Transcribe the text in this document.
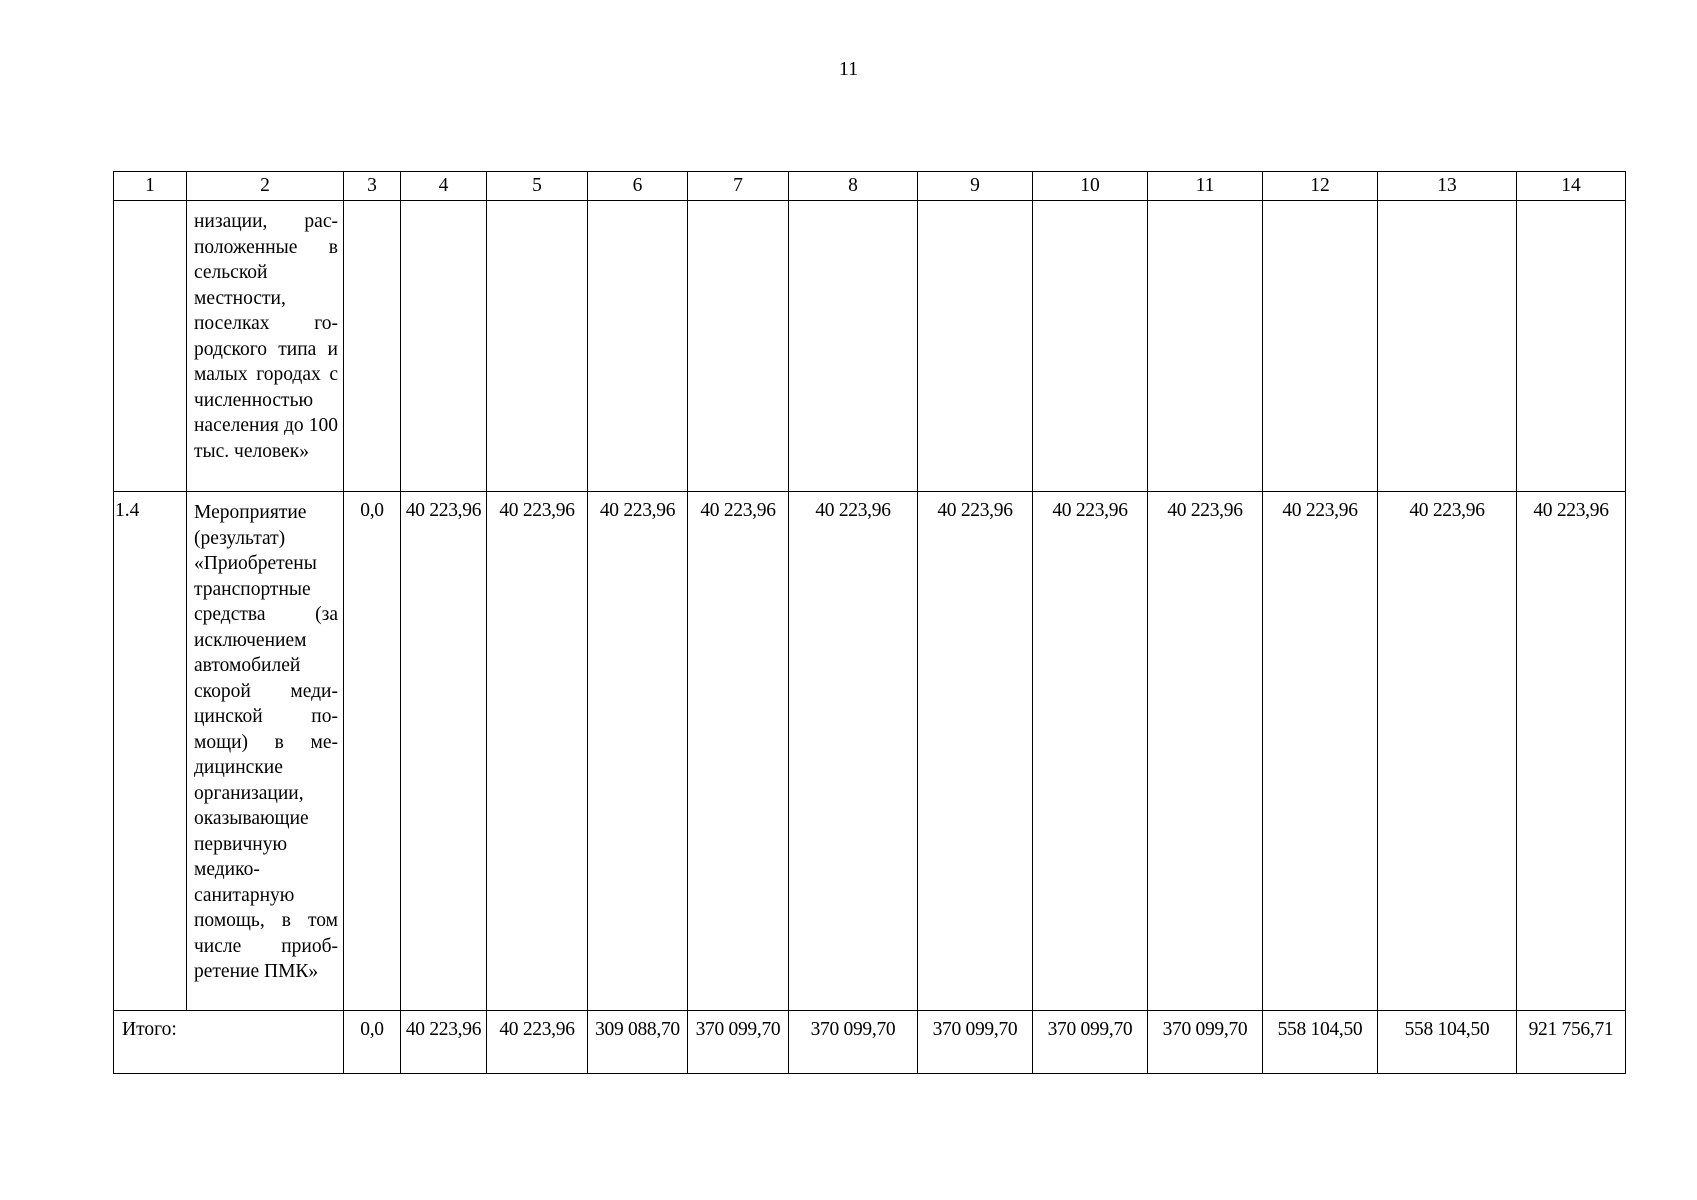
11
1	2	3	4	5	6	7	8	9	10	11	12	13	14

	низации, расположенные в сельской местности, поселках городского типа и малых городах с численностью населения до 100 тыс. человек»												

1.4	Мероприятие (результат) «Приобретены транспортные средства (за исключением автомобилей скорой медицинской помощи) в медицинские организации, оказывающие первичную медико-санитарную помощь, в том числе приобретение ПМК»	0,0	40 223,96	40 223,96	40 223,96	40 223,96	40 223,96	40 223,96	40 223,96	40 223,96	40 223,96	40 223,96	40 223,96

Итого:		0,0	40 223,96	40 223,96	309 088,70	370 099,70	370 099,70	370 099,70	370 099,70	370 099,70	558 104,50	558 104,50	921 756,71
